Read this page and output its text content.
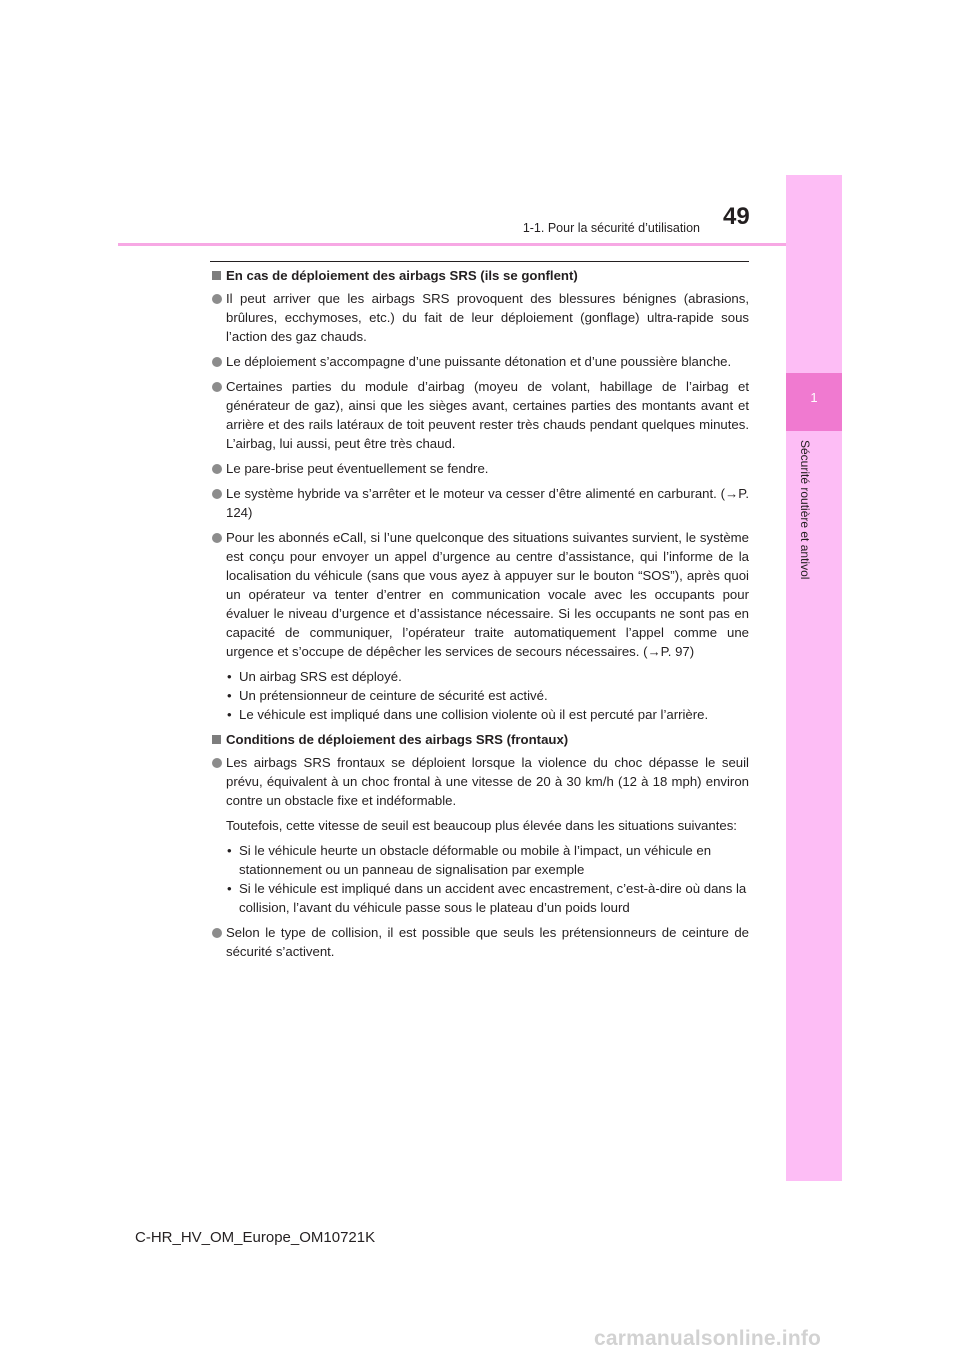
49
1-1. Pour la sécurité d’utilisation
1
Sécurité routière et antivol
En cas de déploiement des airbags SRS (ils se gonflent)
Il peut arriver que les airbags SRS provoquent des blessures bénignes (abrasions, brûlures, ecchymoses, etc.) du fait de leur déploiement (gonflage) ultra-rapide sous l’action des gaz chauds.
Le déploiement s’accompagne d’une puissante détonation et d’une poussière blanche.
Certaines parties du module d’airbag (moyeu de volant, habillage de l’airbag et générateur de gaz), ainsi que les sièges avant, certaines parties des montants avant et arrière et des rails latéraux de toit peuvent rester très chauds pendant quelques minutes. L’airbag, lui aussi, peut être très chaud.
Le pare-brise peut éventuellement se fendre.
Le système hybride va s’arrêter et le moteur va cesser d’être alimenté en carburant. (→P. 124)
Pour les abonnés eCall, si l’une quelconque des situations suivantes survient, le système est conçu pour envoyer un appel d’urgence au centre d’assistance, qui l’informe de la localisation du véhicule (sans que vous ayez à appuyer sur le bouton “SOS”), après quoi un opérateur va tenter d’entrer en communication vocale avec les occupants pour évaluer le niveau d’urgence et d’assistance nécessaire. Si les occupants ne sont pas en capacité de communiquer, l’opérateur traite automatiquement l’appel comme une urgence et s’occupe de dépêcher les services de secours nécessaires. (→P. 97)
• Un airbag SRS est déployé.
• Un prétensionneur de ceinture de sécurité est activé.
• Le véhicule est impliqué dans une collision violente où il est percuté par l’arrière.
Conditions de déploiement des airbags SRS (frontaux)
Les airbags SRS frontaux se déploient lorsque la violence du choc dépasse le seuil prévu, équivalent à un choc frontal à une vitesse de 20 à 30 km/h (12 à 18 mph) environ contre un obstacle fixe et indéformable.
Toutefois, cette vitesse de seuil est beaucoup plus élevée dans les situations suivantes:
• Si le véhicule heurte un obstacle déformable ou mobile à l’impact, un véhicule en stationnement ou un panneau de signalisation par exemple
• Si le véhicule est impliqué dans un accident avec encastrement, c’est-à-dire où dans la collision, l’avant du véhicule passe sous le plateau d’un poids lourd
Selon le type de collision, il est possible que seuls les prétensionneurs de ceinture de sécurité s’activent.
C-HR_HV_OM_Europe_OM10721K
carmanualsonline.info
